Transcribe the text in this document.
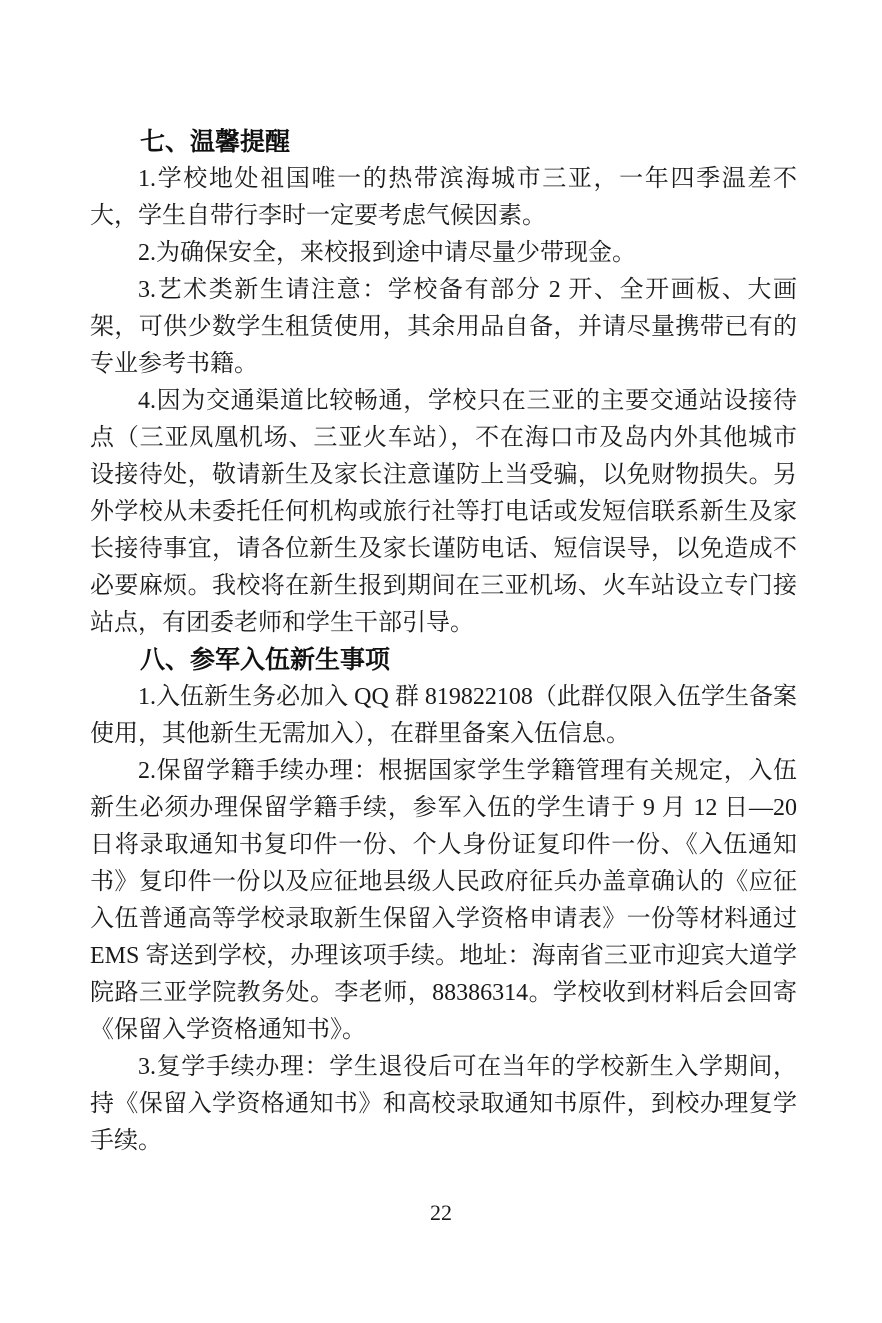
七、温馨提醒

1.学校地处祖国唯一的热带滨海城市三亚，一年四季温差不大，学生自带行李时一定要考虑气候因素。

2.为确保安全，来校报到途中请尽量少带现金。

3.艺术类新生请注意：学校备有部分 2 开、全开画板、大画架，可供少数学生租赁使用，其余用品自备，并请尽量携带已有的专业参考书籍。

4.因为交通渠道比较畅通，学校只在三亚的主要交通站设接待点（三亚凤凰机场、三亚火车站），不在海口市及岛内外其他城市设接待处，敬请新生及家长注意谨防上当受骗，以免财物损失。另外学校从未委托任何机构或旅行社等打电话或发短信联系新生及家长接待事宜，请各位新生及家长谨防电话、短信误导，以免造成不必要麻烦。我校将在新生报到期间在三亚机场、火车站设立专门接站点，有团委老师和学生干部引导。

八、参军入伍新生事项

1.入伍新生务必加入 QQ 群 819822108（此群仅限入伍学生备案使用，其他新生无需加入），在群里备案入伍信息。

2.保留学籍手续办理：根据国家学生学籍管理有关规定，入伍新生必须办理保留学籍手续，参军入伍的学生请于 9 月 12 日—20 日将录取通知书复印件一份、个人身份证复印件一份、《入伍通知书》复印件一份以及应征地县级人民政府征兵办盖章确认的《应征入伍普通高等学校录取新生保留入学资格申请表》一份等材料通过 EMS 寄送到学校，办理该项手续。地址：海南省三亚市迎宾大道学院路三亚学院教务处。李老师，88386314。学校收到材料后会回寄《保留入学资格通知书》。

3.复学手续办理：学生退役后可在当年的学校新生入学期间，持《保留入学资格通知书》和高校录取通知书原件，到校办理复学手续。

22
